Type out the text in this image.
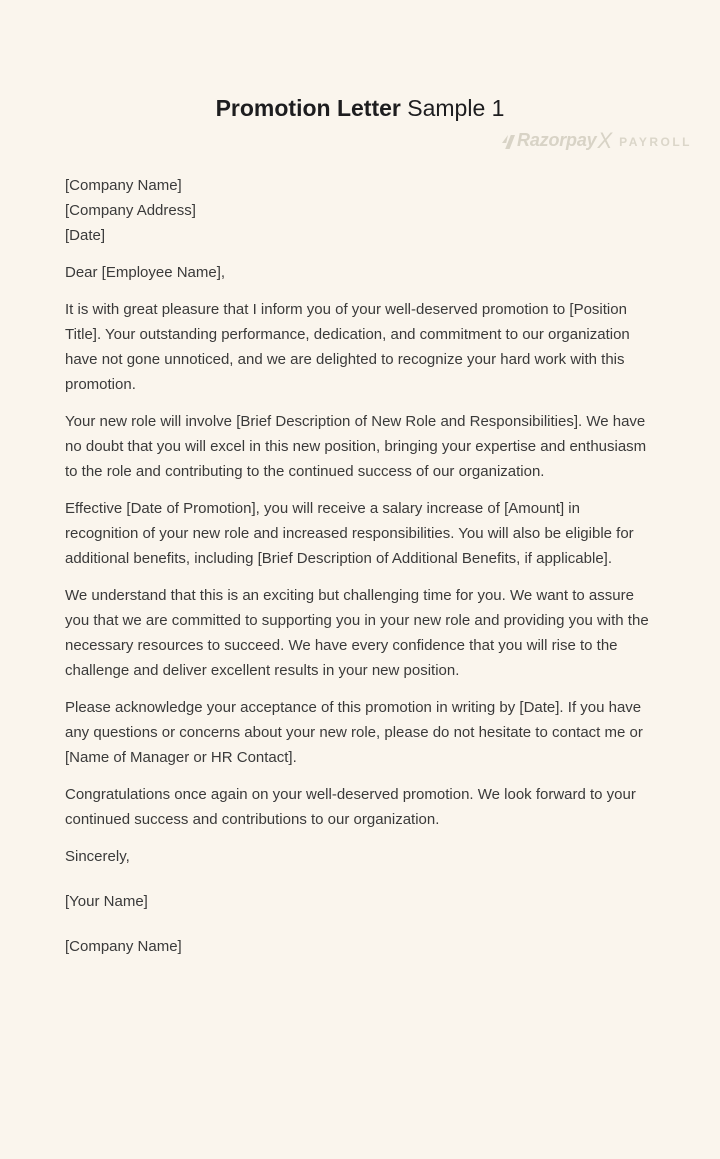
Razorpay X PAYROLL
Promotion Letter Sample 1
[Company Name]
[Company Address]
[Date]

Dear [Employee Name],

It is with great pleasure that I inform you of your well-deserved promotion to [Position Title]. Your outstanding performance, dedication, and commitment to our organization have not gone unnoticed, and we are delighted to recognize your hard work with this promotion.

Your new role will involve [Brief Description of New Role and Responsibilities]. We have no doubt that you will excel in this new position, bringing your expertise and enthusiasm to the role and contributing to the continued success of our organization.

Effective [Date of Promotion], you will receive a salary increase of [Amount] in recognition of your new role and increased responsibilities. You will also be eligible for additional benefits, including [Brief Description of Additional Benefits, if applicable].

We understand that this is an exciting but challenging time for you. We want to assure you that we are committed to supporting you in your new role and providing you with the necessary resources to succeed. We have every confidence that you will rise to the challenge and deliver excellent results in your new position.

Please acknowledge your acceptance of this promotion in writing by [Date]. If you have any questions or concerns about your new role, please do not hesitate to contact me or [Name of Manager or HR Contact].

Congratulations once again on your well-deserved promotion. We look forward to your continued success and contributions to our organization.

Sincerely,

[Your Name]

[Company Name]
